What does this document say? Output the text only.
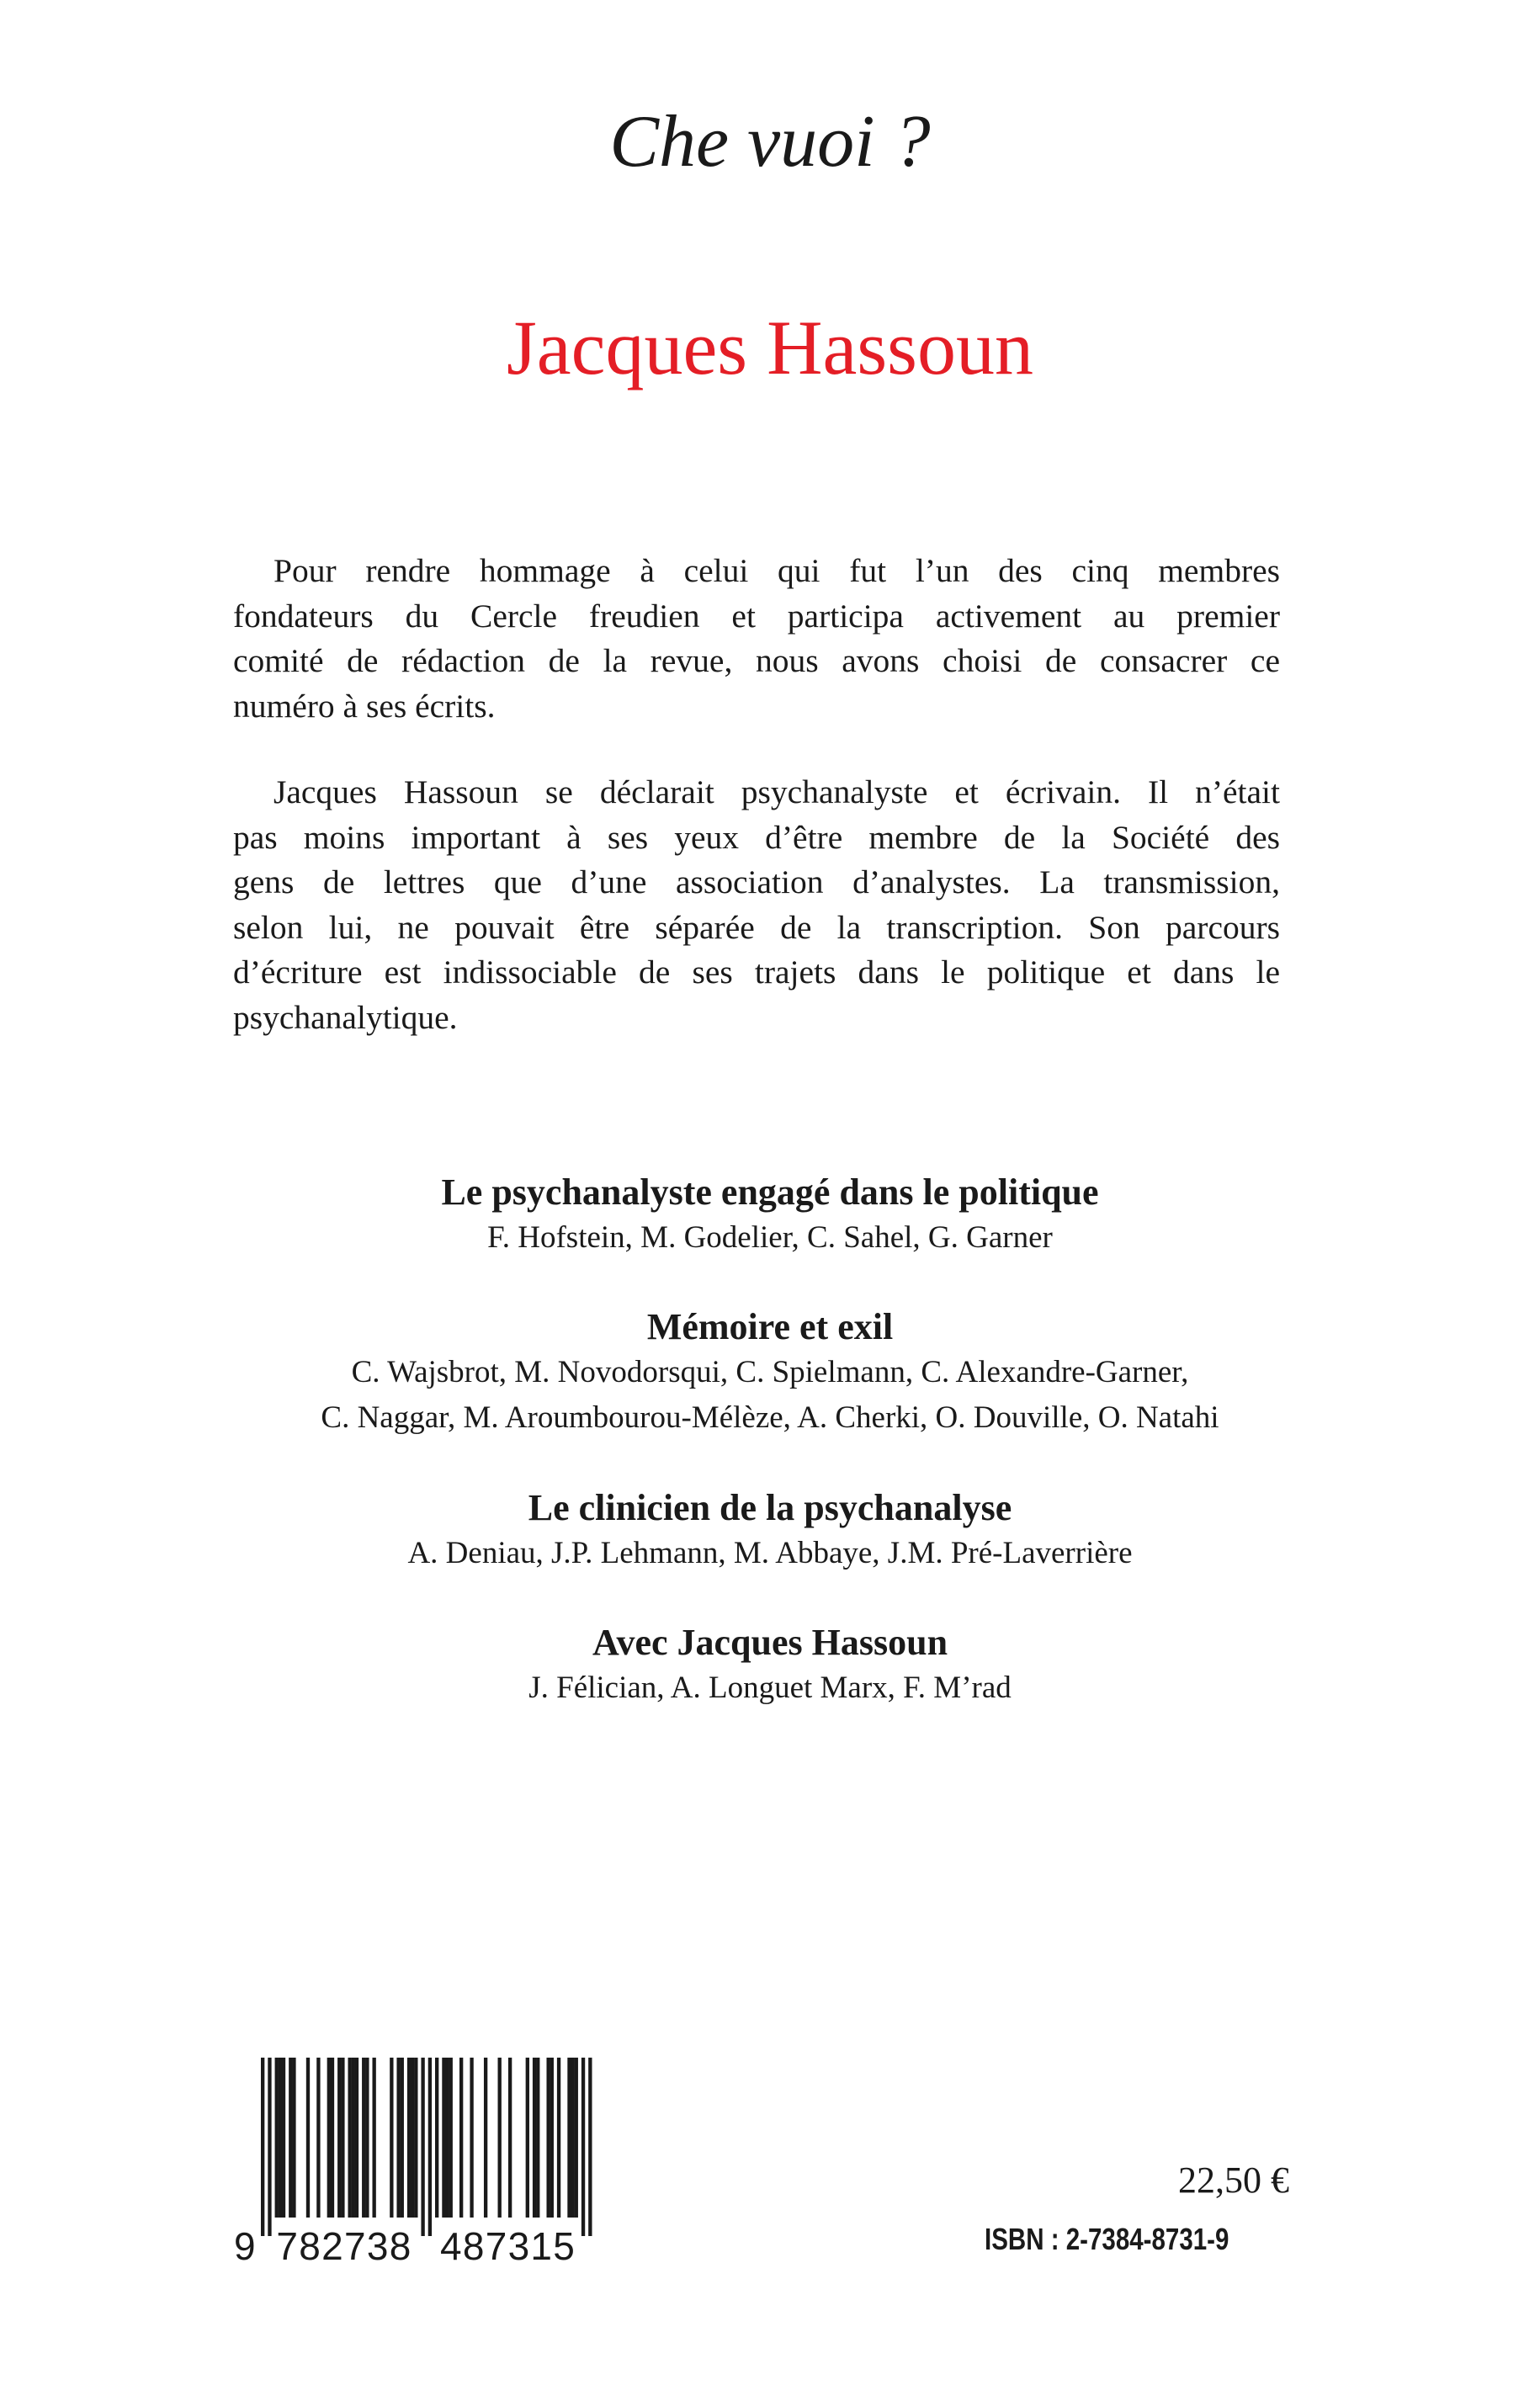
Che vuoi ?
Jacques Hassoun
Pour rendre hommage à celui qui fut l’un des cinq membres
fondateurs du Cercle freudien et participa activement au premier
comité de rédaction de la revue, nous avons choisi de consacrer ce
numéro à ses écrits.
Jacques Hassoun se déclarait psychanalyste et écrivain. Il n’était
pas moins important à ses yeux d’être membre de la Société des
gens de lettres que d’une association d’analystes. La transmission,
selon lui, ne pouvait être séparée de la transcription. Son parcours
d’écriture est indissociable de ses trajets dans le politique et dans le
psychanalytique.
Le psychanalyste engagé dans le politique
F. Hofstein, M. Godelier, C. Sahel, G. Garner
Mémoire et exil
C. Wajsbrot, M. Novodorsqui, C. Spielmann, C. Alexandre-Garner,
C. Naggar, M. Aroumbourou-Mélèze, A. Cherki, O. Douville, O. Natahi
Le clinicien de la psychanalyse
A. Deniau, J.P. Lehmann, M. Abbaye, J.M. Pré-Laverrière
Avec Jacques Hassoun
J. Félician, A. Longuet Marx, F. M’rad
9 782738 487315
22,50 €
ISBN : 2-7384-8731-9
